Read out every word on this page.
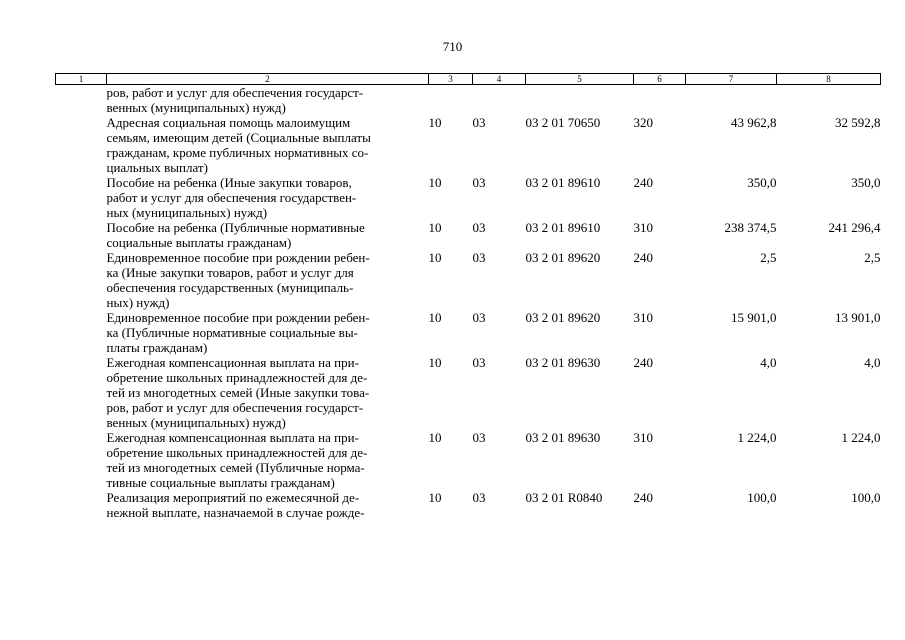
710
1	2	3	4	5	6	7	8
	ров, работ и услуг для обеспечения государст-
венных (муниципальных) нужд)						
	Адресная социальная помощь малоимущим
семьям, имеющим детей (Социальные выплаты
гражданам, кроме публичных нормативных со-
циальных выплат)	10	03	03 2 01 70650	320	43 962,8	32 592,8
	Пособие на ребенка (Иные закупки товаров,
работ и услуг для обеспечения государствен-
ных (муниципальных) нужд)	10	03	03 2 01 89610	240	350,0	350,0
	Пособие на ребенка (Публичные нормативные
социальные выплаты гражданам)	10	03	03 2 01 89610	310	238 374,5	241 296,4
	Единовременное пособие при рождении ребен-
ка (Иные закупки товаров, работ и услуг для
обеспечения государственных (муниципаль-
ных) нужд)	10	03	03 2 01 89620	240	2,5	2,5
	Единовременное пособие при рождении ребен-
ка (Публичные нормативные социальные вы-
платы гражданам)	10	03	03 2 01 89620	310	15 901,0	13 901,0
	Ежегодная компенсационная выплата на при-
обретение школьных принадлежностей для де-
тей из многодетных семей (Иные закупки това-
ров, работ и услуг для обеспечения государст-
венных (муниципальных) нужд)	10	03	03 2 01 89630	240	4,0	4,0
	Ежегодная компенсационная выплата на при-
обретение школьных принадлежностей для де-
тей из многодетных семей (Публичные норма-
тивные социальные выплаты гражданам)	10	03	03 2 01 89630	310	1 224,0	1 224,0
	Реализация мероприятий по ежемесячной де-
нежной выплате, назначаемой в случае рожде-	10	03	03 2 01 R0840	240	100,0	100,0
